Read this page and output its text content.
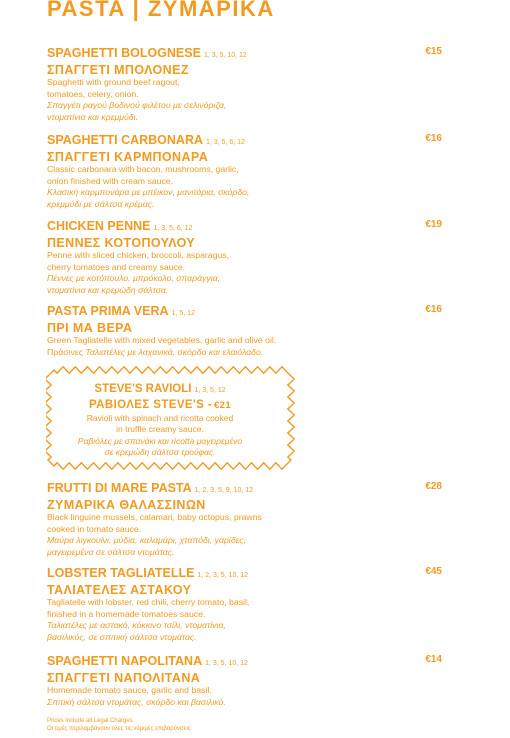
PASTA | ΖΥΜΑΡΙΚΑ
SPAGHETTI BOLOGNESE 1, 3, 5, 10, 12	€15
ΣΠΑΓΓΕΤΙ ΜΠΟΛΟΝΕΖ
Spaghetti with ground beef ragout,
tomatoes, celery, onion.
Σπαγγέτι ραγού βοδινού φιλέτου με σελινόριζα,
ντοματίνια και κρεμμύδι.
SPAGHETTI CARBONARA 1, 3, 5, 6, 12	€16
ΣΠΑΓΓΕΤΙ ΚΑΡΜΠΟΝΑΡΑ
Classic carbonara with bacon, mushrooms, garlic,
onion finished with cream sauce.
Κλασική καρμπονάρα με μπέικον, μανιτάρια, σκόρδο,
κρεμμύδι με σάλτσα κρέμας.
CHICKEN PENNE 1, 3, 5, 6, 12	€19
ΠΕΝΝΕΣ ΚΟΤΟΠΟΥΛΟΥ
Penne with sliced chicken, broccoli, asparagus,
cherry tomatoes and creamy sauce.
Πέννες με κοτόπουλο, μπρόκολο, σπαράγγια,
ντοματίνια και κρεμώδη σάλτσα.
PASTA PRIMA VERA 1, 5, 12	€16
ΠΡΙ ΜΑ ΒΕΡΑ
Green Tagliatelle with mixed vegetables, garlic and olive oil.
Πράσινες Ταλιατέλες με λαχανικά, σκόρδο και ελαιόλαδο.
STEVE'S RAVIOLI 1, 3, 5, 12
ΡΑΒΙΟΛΕΣ STEVE'S - €21
Ravioli with spinach and ricotta cooked
in truffle creamy sauce.
Ραβιόλες με σπανάκι και ricotta μαγειρεμένο
σε κρεμώδη σάλτσα τρούφας.
FRUTTI DI MARE PASTA 1, 2, 3, 5, 9, 10, 12	€28
ΖΥΜΑΡΙΚΑ ΘΑΛΑΣΣΙΝΩΝ
Black linguine mussels, calamari, baby octopus, prawns
cooked in tomato sauce.
Μαύρα λιγκουίνι, μύδια, καλαμάρι, χταπόδι, γαρίδες,
μαγειρεμένα σε σάλτσα ντομάτας.
LOBSTER TAGLIATELLE 1, 2, 3, 5, 10, 12	€45
ΤΑΛΙΑΤΕΛΕΣ ΑΣΤΑΚΟΥ
Tagliatelle with lobster, red chili, cherry tomato, basil,
finished in a homemade tomatoes sauce.
Ταλιατέλες με αστακό, κόκκινο τσίλι, ντοματίνια,
βασιλικός, σε σπιτική σάλτσα ντομάτας.
SPAGHETTI NAPOLITANA 1, 3, 5, 10, 12	€14
ΣΠΑΓΓΕΤΙ ΝΑΠΟΛΙΤΑΝΑ
Homemade tomato sauce, garlic and basil.
Σπιτική σάλτσα ντομάτας, σκόρδο και βασιλικό.
Prices include all Legal Charges
Οι τιμές περιλαμβάνουν όλες τις νόμιμες επιβαρύνσεις
